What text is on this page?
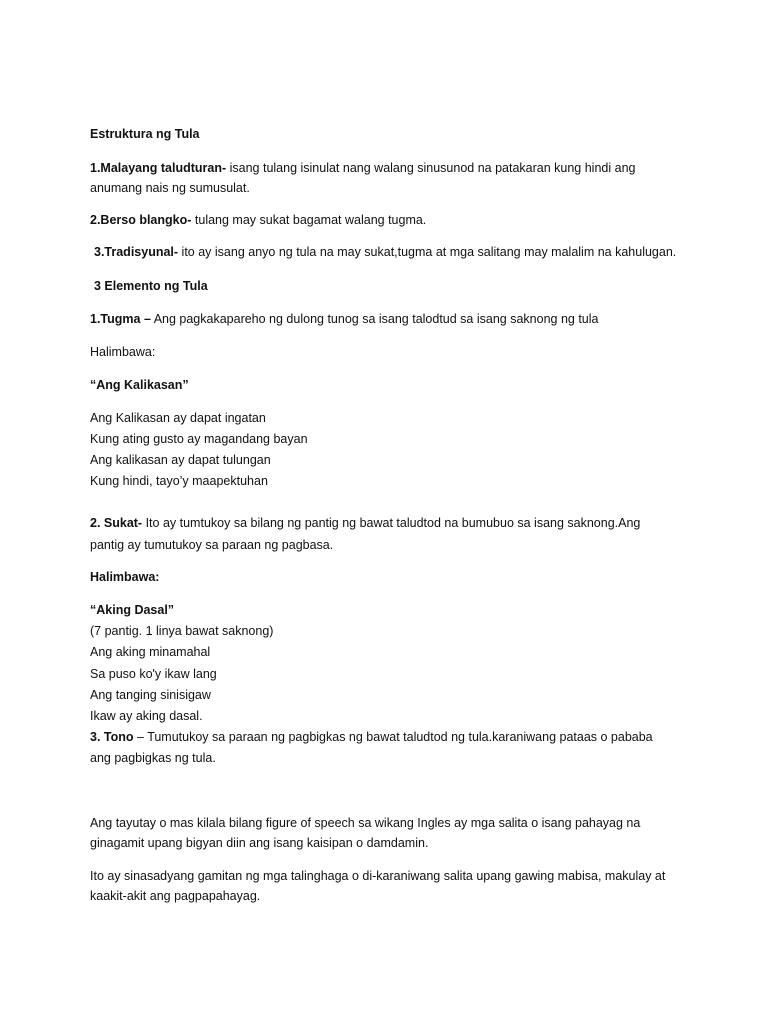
Estruktura ng Tula
1.Malayang taludturan- isang tulang isinulat nang walang sinusunod na patakaran kung hindi ang
anumang nais ng sumusulat.
2.Berso blangko- tulang may sukat bagamat walang tugma.
3.Tradisyunal- ito ay isang anyo ng tula na may sukat,tugma at mga salitang may malalim na kahulugan.
3 Elemento ng Tula
1.Tugma – Ang pagkakapareho ng dulong tunog sa isang talodtud sa isang saknong ng tula
Halimbawa:
“Ang Kalikasan”
Ang Kalikasan ay dapat ingatan
Kung ating gusto ay magandang bayan
Ang kalikasan ay dapat tulungan
Kung hindi, tayo’y maapektuhan
2. Sukat- Ito ay tumtukoy sa bilang ng pantig ng bawat taludtod na bumubuo sa isang saknong.Ang
pantig ay tumutukoy sa paraan ng pagbasa.
Halimbawa:
“Aking Dasal”
(7 pantig. 1 linya bawat saknong)
Ang aking minamahal
Sa puso ko'y ikaw lang
Ang tanging sinisigaw
Ikaw ay aking dasal.
3. Tono – Tumutukoy sa paraan ng pagbigkas ng bawat taludtod ng tula.karaniwang pataas o pababa
ang pagbigkas ng tula.
Ang tayutay o mas kilala bilang figure of speech sa wikang Ingles ay mga salita o isang pahayag na
ginagamit upang bigyan diin ang isang kaisipan o damdamin.
Ito ay sinasadyang gamitan ng mga talinghaga o di-karaniwang salita upang gawing mabisa, makulay at
kaakit-akit ang pagpapahayag.
